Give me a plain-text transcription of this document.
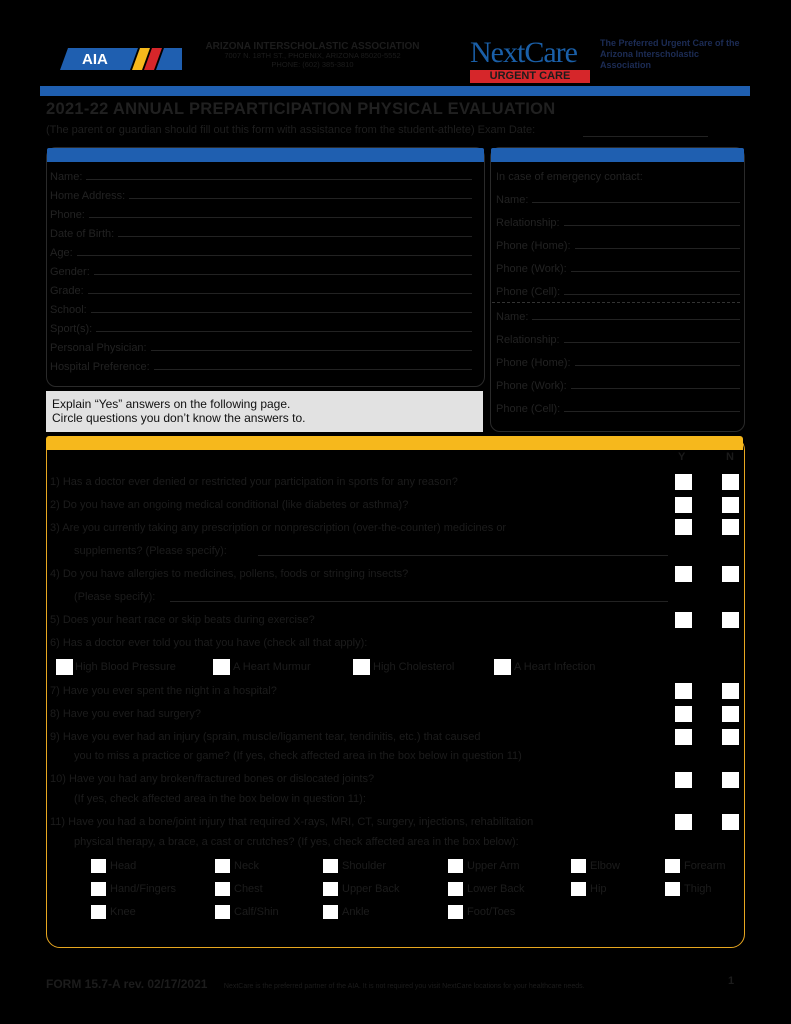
AIA
ARIZONA INTERSCHOLASTIC ASSOCIATION
7007 N. 18TH ST., PHOENIX, ARIZONA 85020-5552
PHONE: (602) 385-3810	NextCare
URGENT CARE
The Preferred Urgent Care of the Arizona Interscholastic Association
2021-22 ANNUAL PREPARTICIPATION PHYSICAL EVALUATION
(The parent or guardian should fill out this form with assistance from the student-athlete) Exam Date:
Name:
Home Address:
Phone:
Date of Birth:
Age:
Gender:
Grade:
School:
Sport(s):
Personal Physician:
Hospital Preference:
Explain “Yes” answers on the following page.
Circle questions you don’t know the answers to.
In case of emergency contact:
Name:
Relationship:
Phone (Home):
Phone (Work):
Phone (Cell):
Name:
Relationship:
Phone (Home):
Phone (Work):
Phone (Cell):
Y	N
1) Has a doctor ever denied or restricted your participation in sports for any reason?
2) Do you have an ongoing medical conditional (like diabetes or asthma)?
3) Are you currently taking any prescription or nonprescription (over-the-counter) medicines or
supplements? (Please specify):
4) Do you have allergies to medicines, pollens, foods or stringing insects?
(Please specify):
5) Does your heart race or skip beats during exercise?
6) Has a doctor ever told you that you have (check all that apply):
High Blood Pressure	A Heart Murmur	High Cholesterol	A Heart Infection
7) Have you ever spent the night in a hospital?
8) Have you ever had surgery?
9) Have you ever had an injury (sprain, muscle/ligament tear, tendinitis, etc.) that caused
you to miss a practice or game? (If yes, check affected area in the box below in question 11)
10) Have you had any broken/fractured bones or dislocated joints?
(If yes, check affected area in the box below in question 11):
11) Have you had a bone/joint injury that required X-rays, MRI, CT, surgery, injections, rehabilitation
physical therapy, a brace, a cast or crutches? (If yes, check affected area in the box below):
Head	Neck	Shoulder	Upper Arm	Elbow	Forearm
Hand/Fingers	Chest	Upper Back	Lower Back	Hip	Thigh
Knee	Calf/Shin	Ankle	Foot/Toes
FORM 15.7-A rev. 02/17/2021 NextCare is the preferred partner of the AIA. It is not required you visit NextCare locations for your healthcare needs.	1
